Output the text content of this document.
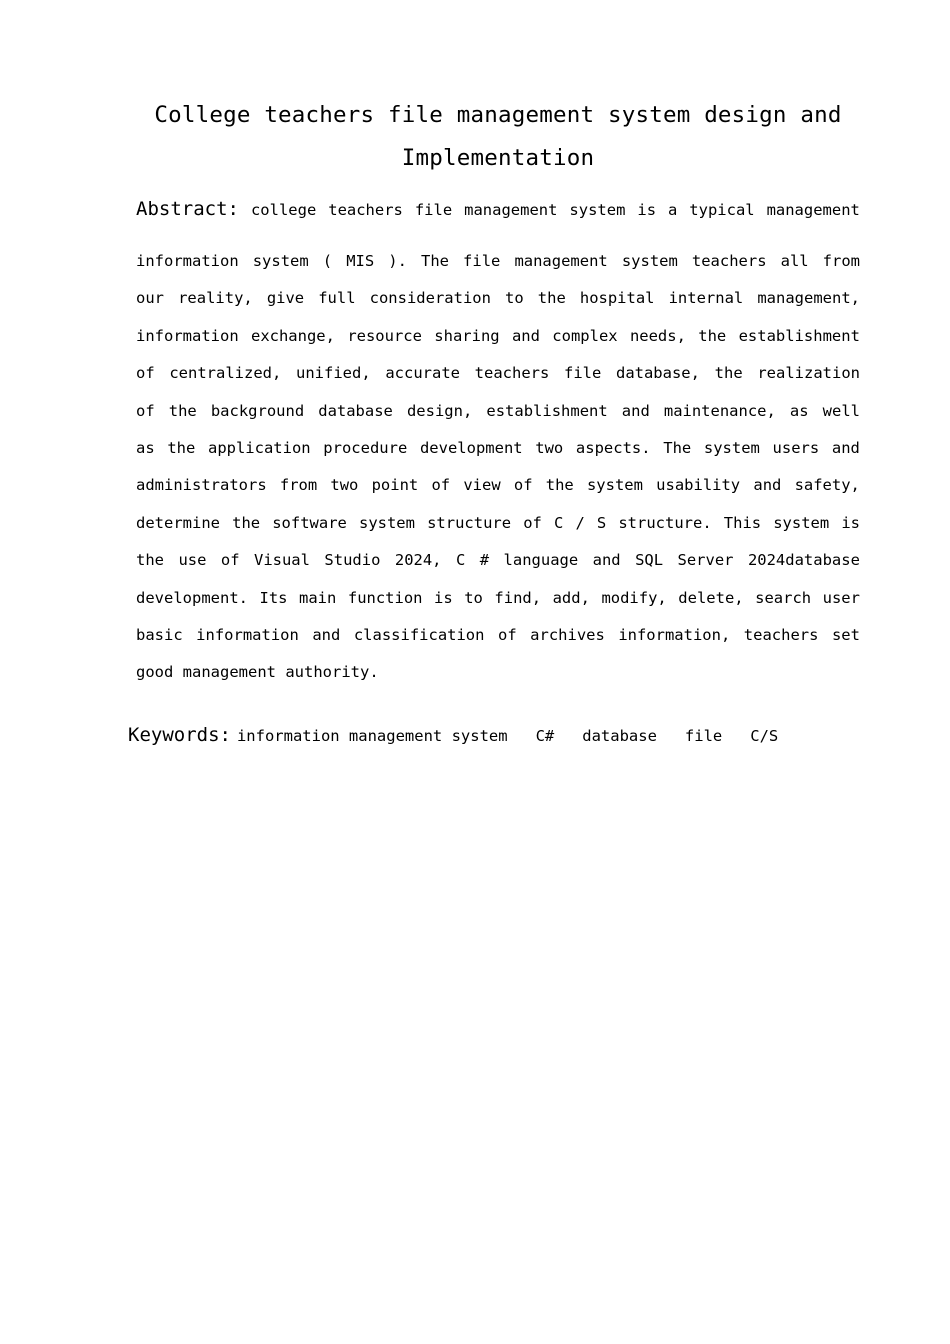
College teachers file management system design and
Implementation
Abstract: college teachers file management system is a typical management
information system ( MIS ). The file management system teachers all from
our reality, give full consideration to the hospital internal management,
information exchange, resource sharing and complex needs, the establishment
of centralized, unified, accurate teachers file database, the realization
of the background database design, establishment and maintenance, as well
as the application procedure development two aspects. The system users and
administrators from two point of view of the system usability and safety,
determine the software system structure of C / S structure. This system is
the use of Visual Studio 2024, C # language and SQL Server 2024database
development. Its main function is to find, add, modify, delete, search user
basic information and classification of archives information, teachers set
good management authority.
Keywords: information management system C# database file C/S
